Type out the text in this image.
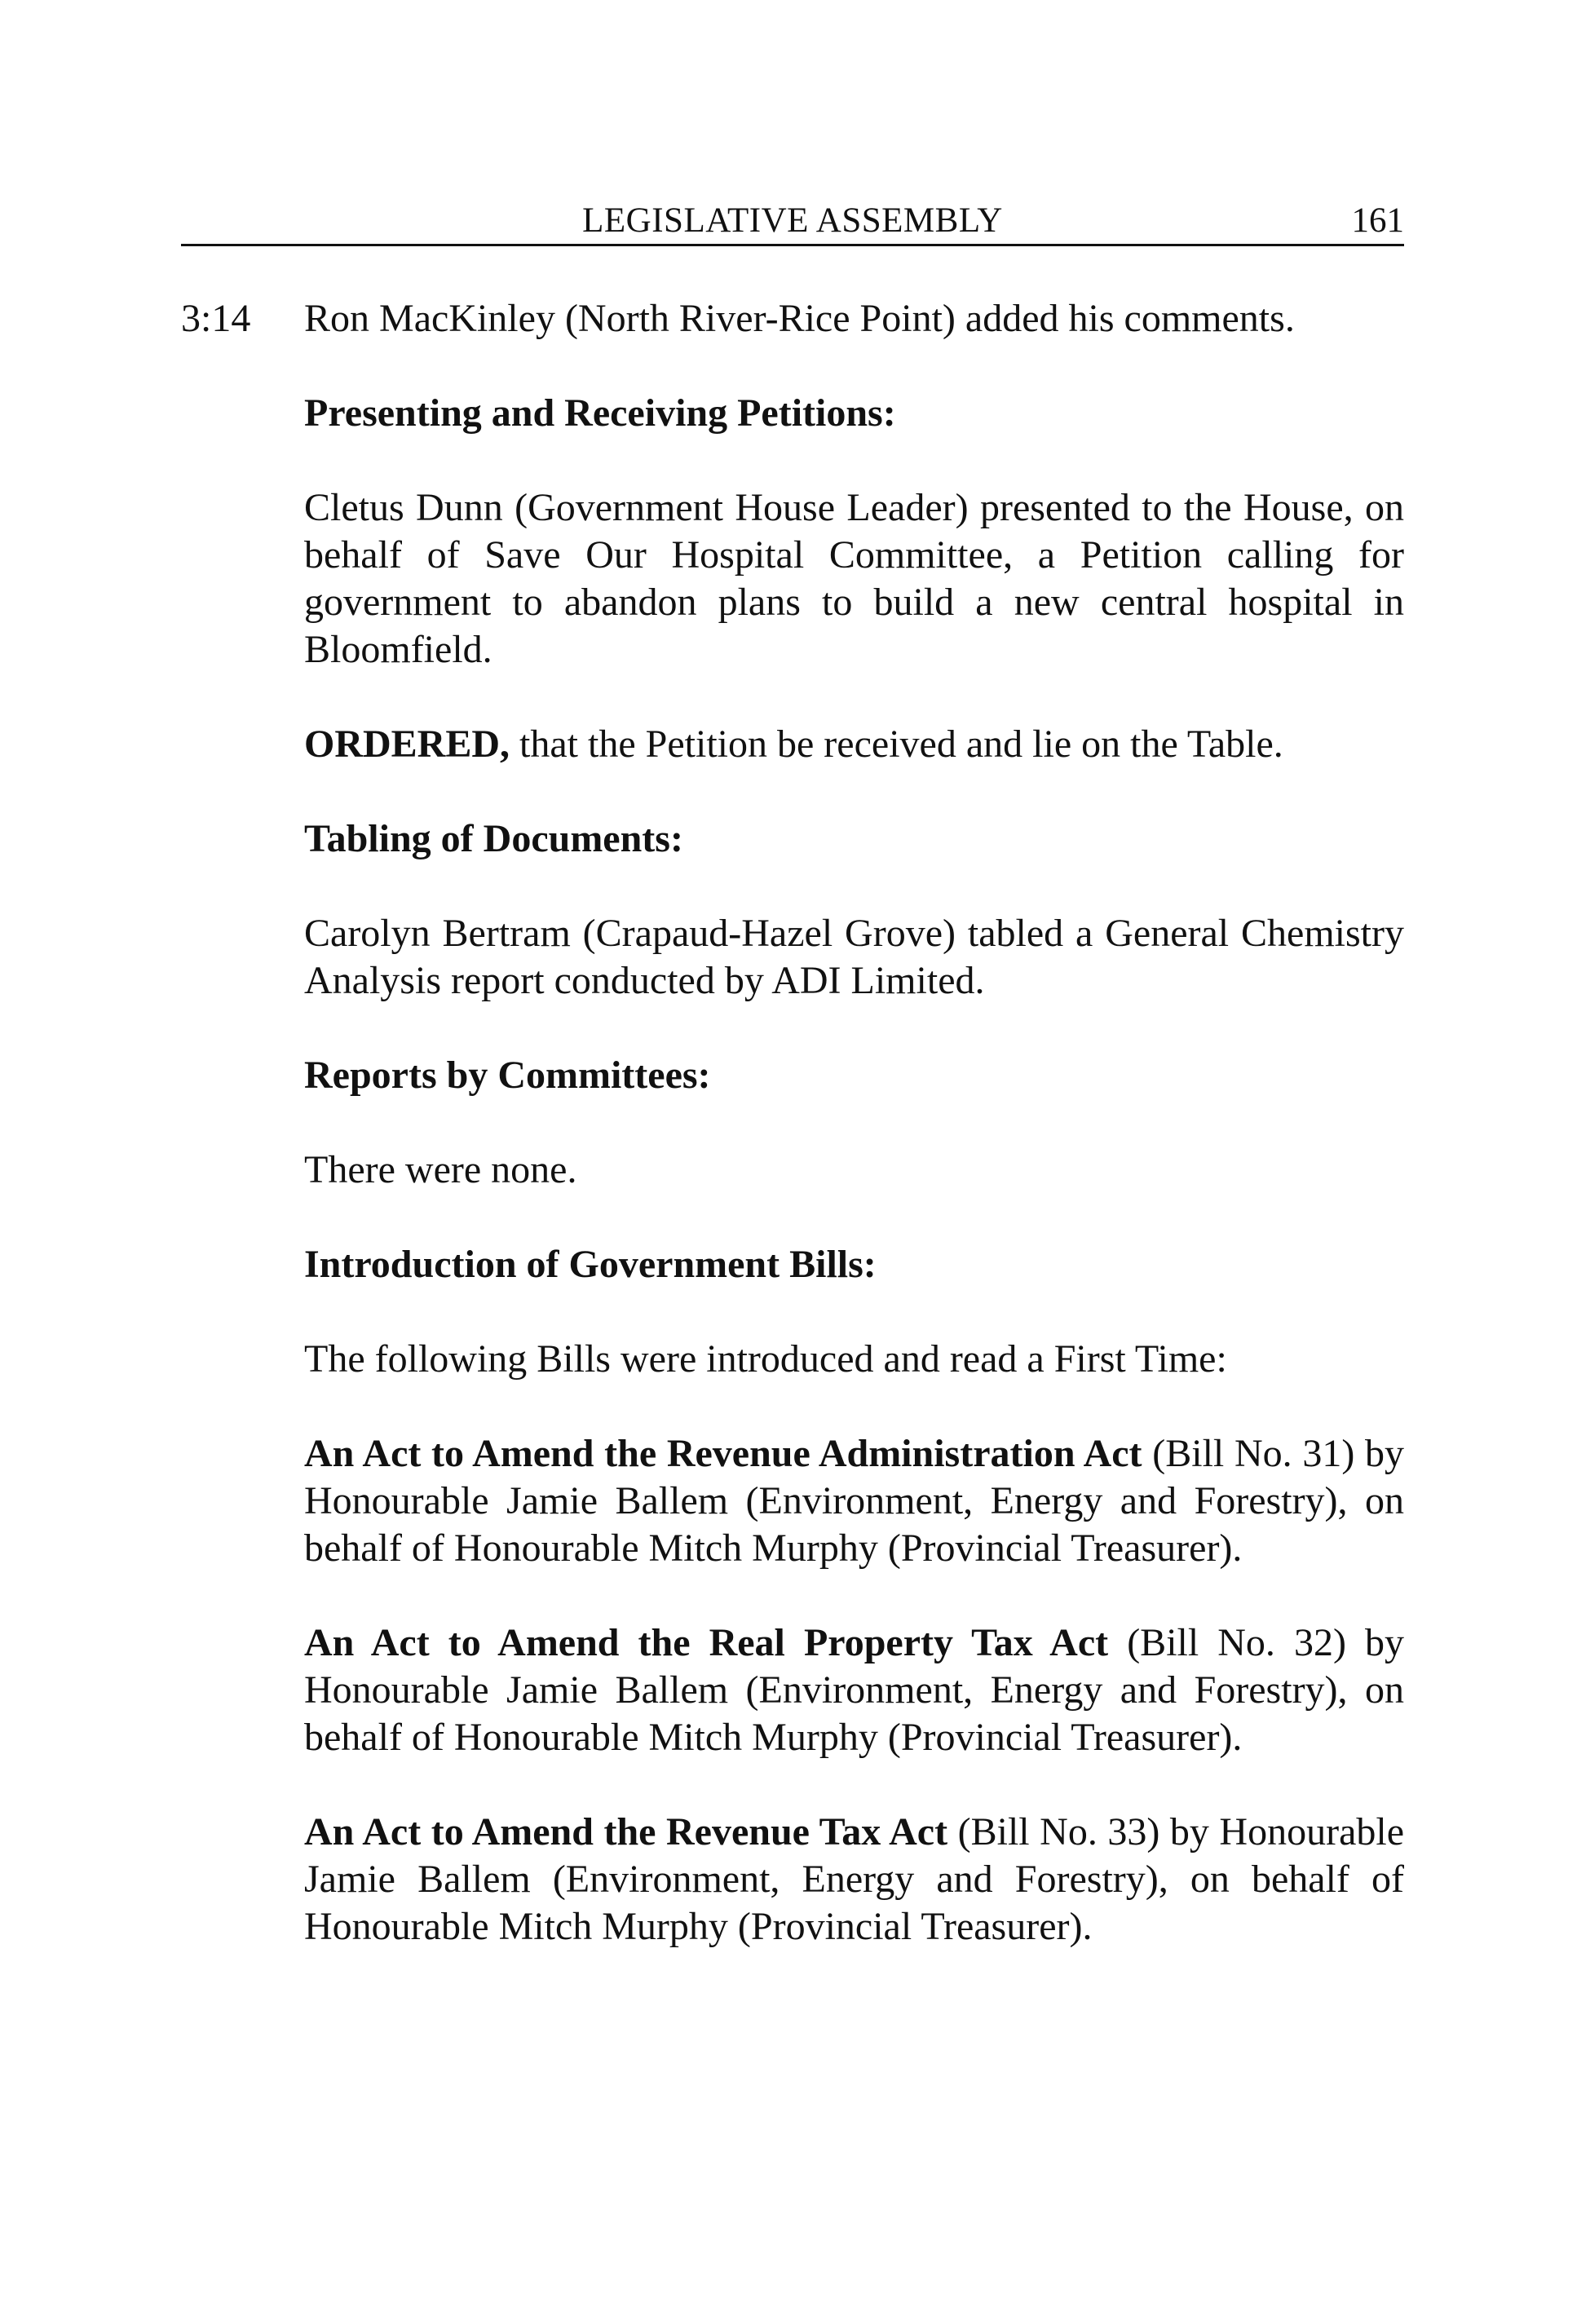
LEGISLATIVE ASSEMBLY	161
3:14 Ron MacKinley (North River-Rice Point) added his comments.

Presenting and Receiving Petitions:

Cletus Dunn (Government House Leader) presented to the House, on behalf of Save Our Hospital Committee, a Petition calling for government to abandon plans to build a new central hospital in Bloomfield.

ORDERED, that the Petition be received and lie on the Table.

Tabling of Documents:

Carolyn Bertram (Crapaud-Hazel Grove) tabled a General Chemistry Analysis report conducted by ADI Limited.

Reports by Committees:

There were none.

Introduction of Government Bills:

The following Bills were introduced and read a First Time:

An Act to Amend the Revenue Administration Act (Bill No. 31) by Honourable Jamie Ballem (Environment, Energy and Forestry), on behalf of Honourable Mitch Murphy (Provincial Treasurer).

An Act to Amend the Real Property Tax Act (Bill No. 32) by Honourable Jamie Ballem (Environment, Energy and Forestry), on behalf of Honourable Mitch Murphy (Provincial Treasurer).

An Act to Amend the Revenue Tax Act (Bill No. 33) by Honourable Jamie Ballem (Environment, Energy and Forestry), on behalf of Honourable Mitch Murphy (Provincial Treasurer).
